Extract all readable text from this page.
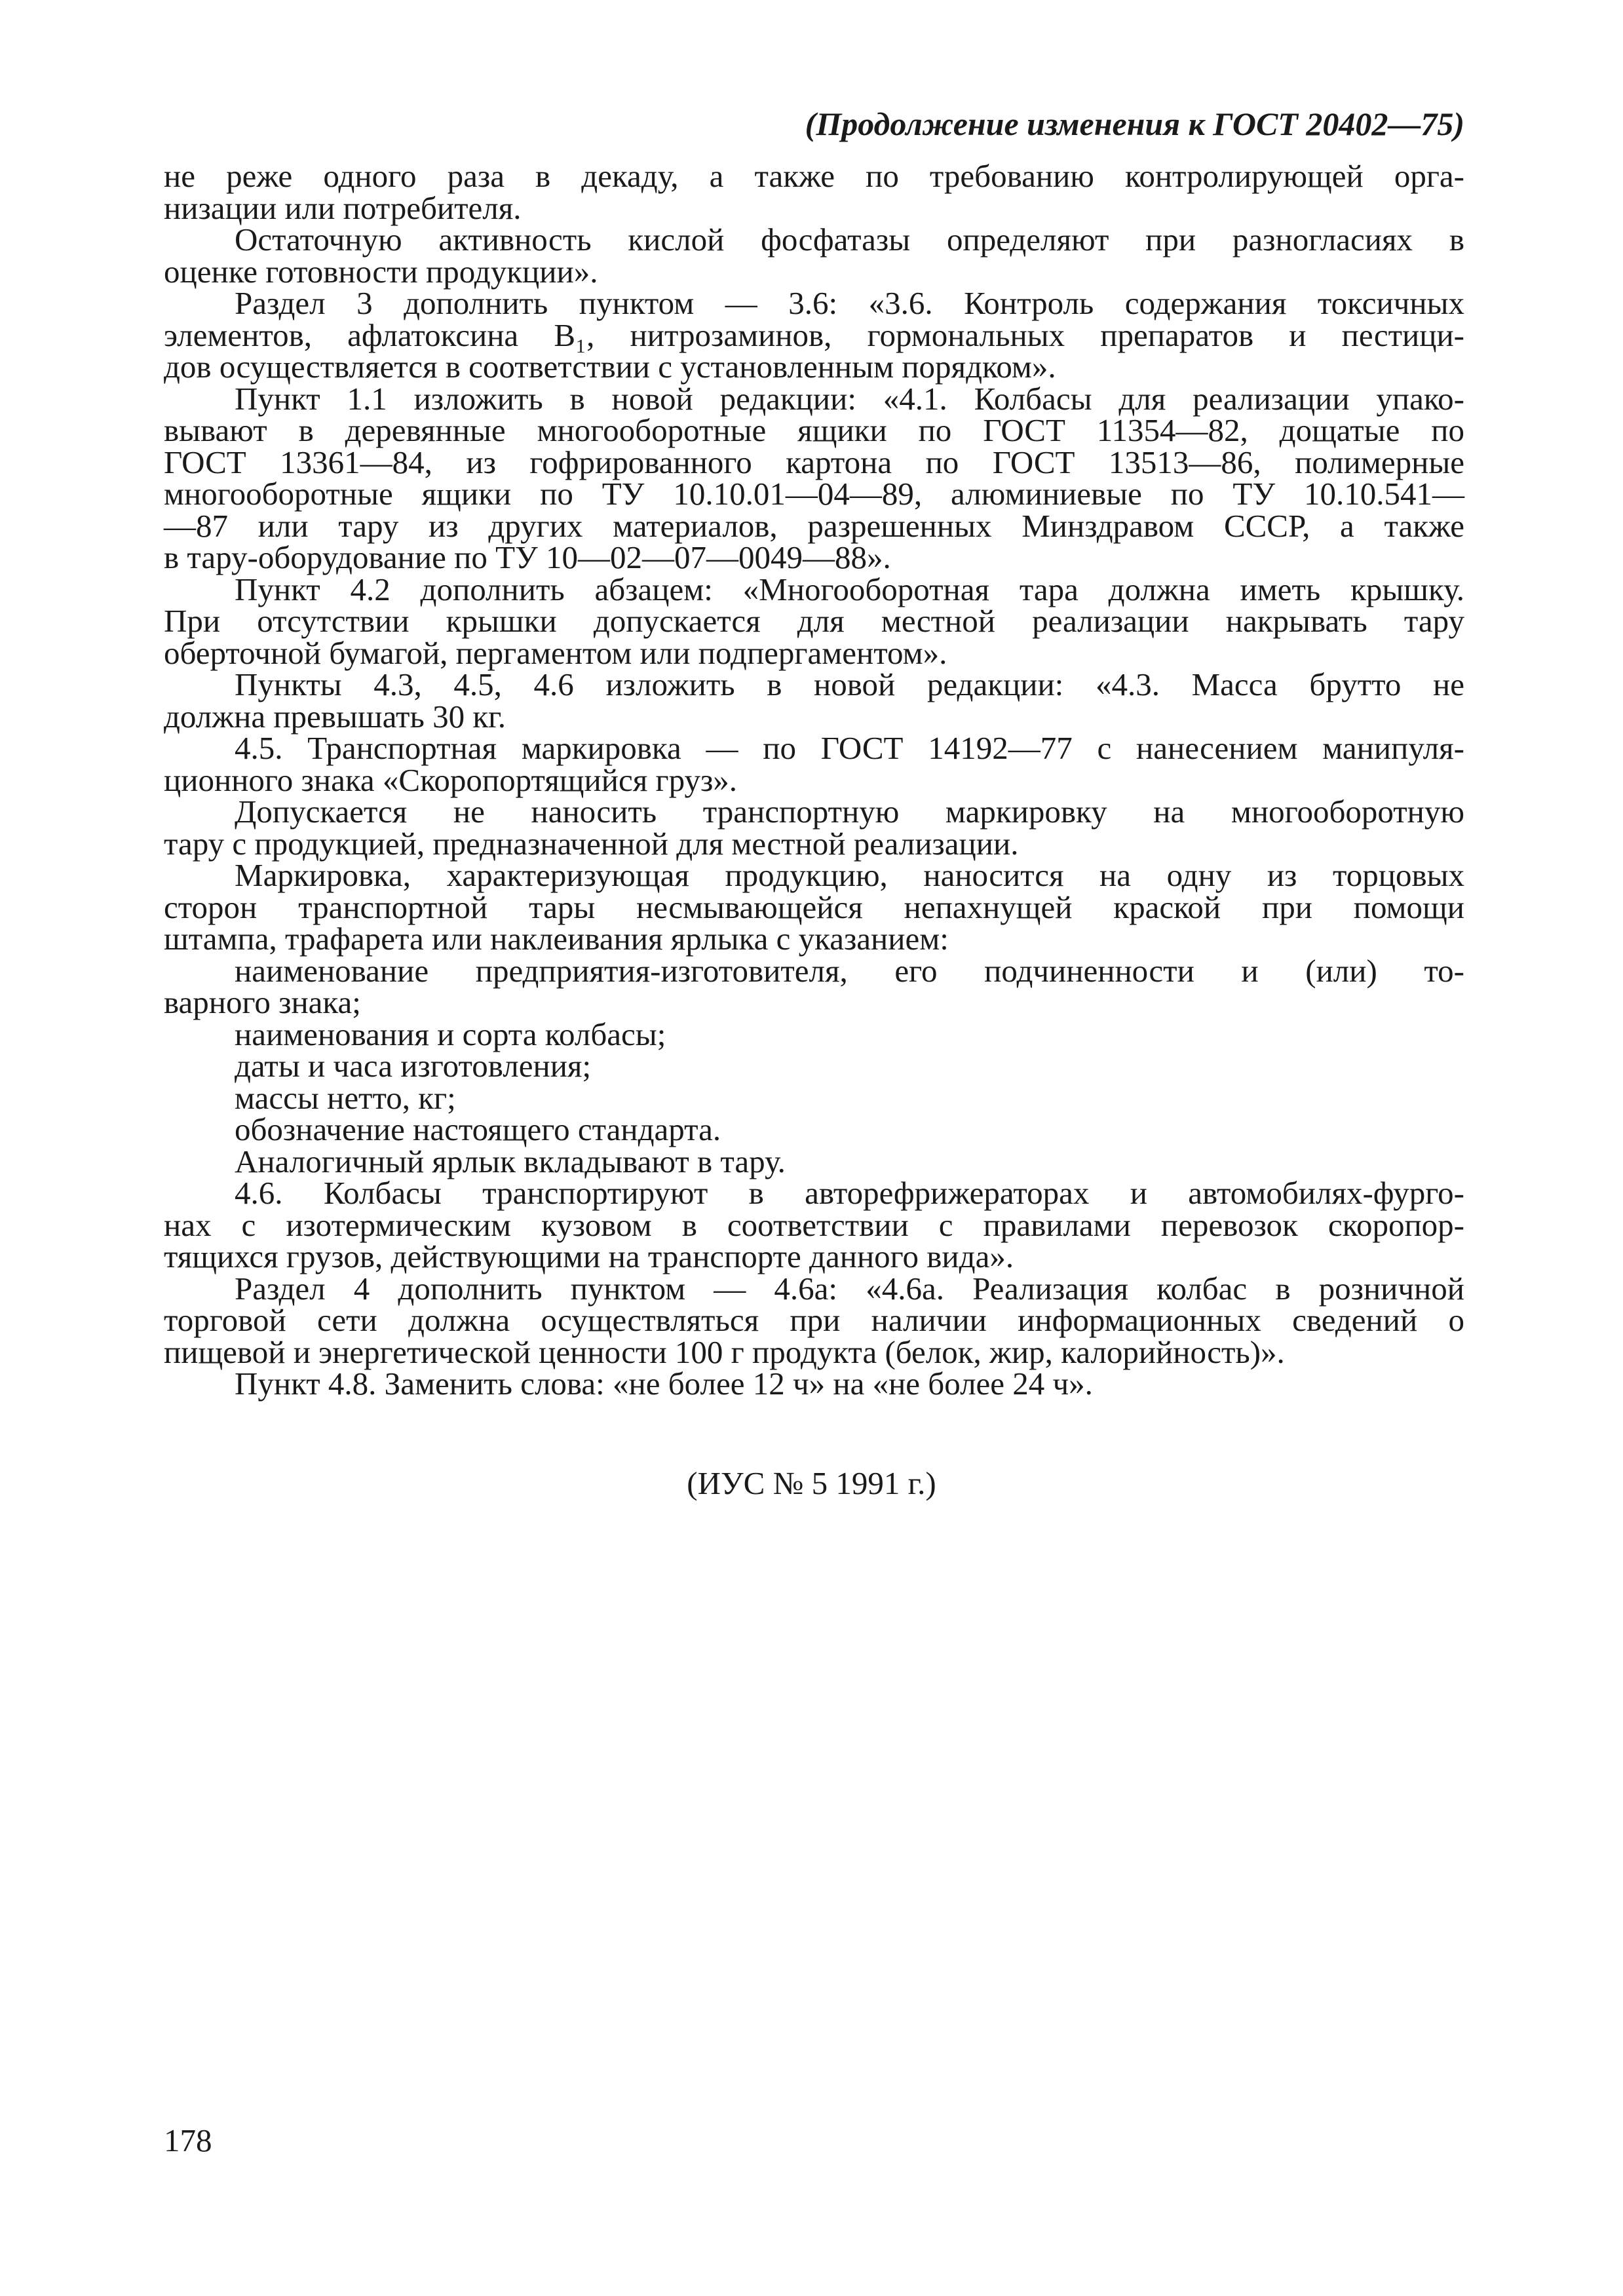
(Продолжение изменения к ГОСТ 20402—75)

не реже одного раза в декаду, а также по требованию контролирующей орга-
низации или потребителя.

Остаточную активность кислой фосфатазы определяют при разногласиях в
оценке готовности продукции».

Раздел 3 дополнить пунктом — 3.6: «3.6. Контроль содержания токсичных
элементов, афлатоксина B₁, нитрозаминов, гормональных препаратов и пестици-
дов осуществляется в соответствии с установленным порядком».

Пункт 1.1 изложить в новой редакции: «4.1. Колбасы для реализации упако-
вывают в деревянные многооборотные ящики по ГОСТ 11354—82, дощатые по
ГОСТ 13361—84, из гофрированного картона по ГОСТ 13513—86, полимерные
многооборотные ящики по ТУ 10.10.01—04—89, алюминиевые по ТУ 10.10.541—
—87 или тару из других материалов, разрешенных Минздравом СССР, а также
в тару-оборудование по ТУ 10—02—07—0049—88».

Пункт 4.2 дополнить абзацем: «Многооборотная тара должна иметь крышку.
При отсутствии крышки допускается для местной реализации накрывать тару
оберточной бумагой, пергаментом или подпергаментом».

Пункты 4.3, 4.5, 4.6 изложить в новой редакции: «4.3. Масса брутто не
должна превышать 30 кг.

4.5. Транспортная маркировка — по ГОСТ 14192—77 с нанесением манипуля-
ционного знака «Скоропортящийся груз».

Допускается не наносить транспортную маркировку на многооборотную
тару с продукцией, предназначенной для местной реализации.

Маркировка, характеризующая продукцию, наносится на одну из торцовых
сторон транспортной тары несмывающейся непахнущей краской при помощи
штампа, трафарета или наклеивания ярлыка с указанием:

наименование предприятия-изготовителя, его подчиненности и (или) то-
варного знака;

наименования и сорта колбасы;

даты и часа изготовления;

массы нетто, кг;

обозначение настоящего стандарта.

Аналогичный ярлык вкладывают в тару.

4.6. Колбасы транспортируют в авторефрижераторах и автомобилях-фурго-
нах с изотермическим кузовом в соответствии с правилами перевозок скоропор-
тящихся грузов, действующими на транспорте данного вида».

Раздел 4 дополнить пунктом — 4.6а: «4.6а. Реализация колбас в розничной
торговой сети должна осуществляться при наличии информационных сведений о
пищевой и энергетической ценности 100 г продукта (белок, жир, калорийность)».

Пункт 4.8. Заменить слова: «не более 12 ч» на «не более 24 ч».

(ИУС № 5 1991 г.)
178
